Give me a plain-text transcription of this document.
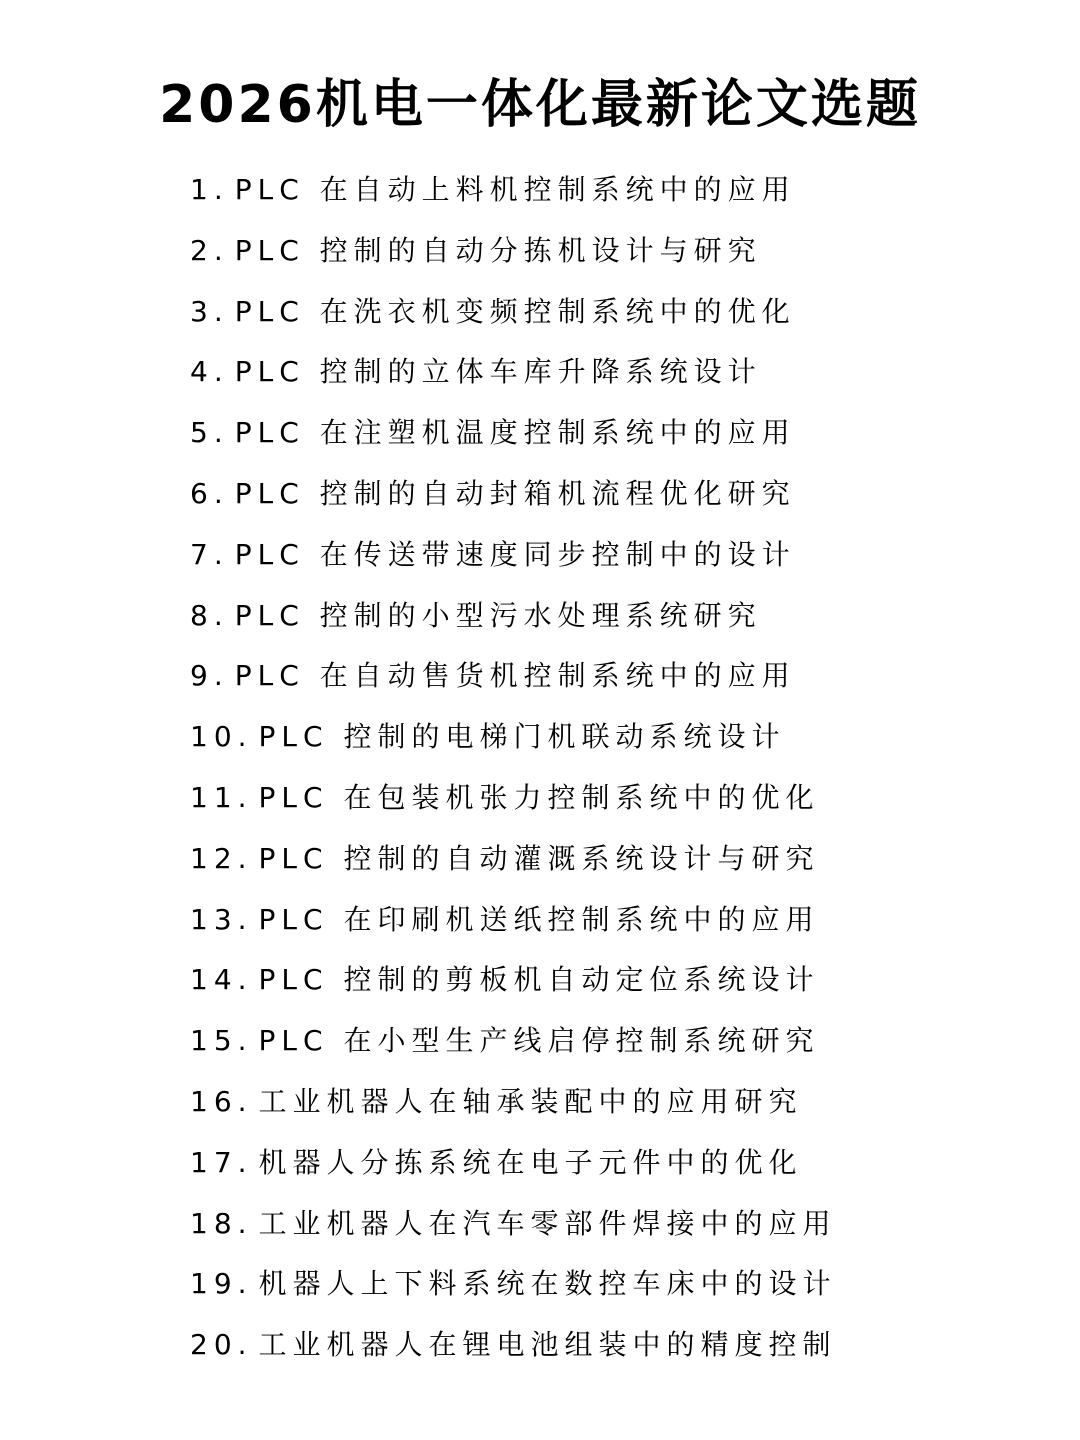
2026机电一体化最新论文选题
1. PLC 在自动上料机控制系统中的应用
2. PLC 控制的自动分拣机设计与研究
3. PLC 在洗衣机变频控制系统中的优化
4. PLC 控制的立体车库升降系统设计
5. PLC 在注塑机温度控制系统中的应用
6. PLC 控制的自动封箱机流程优化研究
7. PLC 在传送带速度同步控制中的设计
8. PLC 控制的小型污水处理系统研究
9. PLC 在自动售货机控制系统中的应用
10. PLC 控制的电梯门机联动系统设计
11. PLC 在包装机张力控制系统中的优化
12. PLC 控制的自动灌溉系统设计与研究
13. PLC 在印刷机送纸控制系统中的应用
14. PLC 控制的剪板机自动定位系统设计
15. PLC 在小型生产线启停控制系统研究
16. 工业机器人在轴承装配中的应用研究
17. 机器人分拣系统在电子元件中的优化
18. 工业机器人在汽车零部件焊接中的应用
19. 机器人上下料系统在数控车床中的设计
20. 工业机器人在锂电池组装中的精度控制
